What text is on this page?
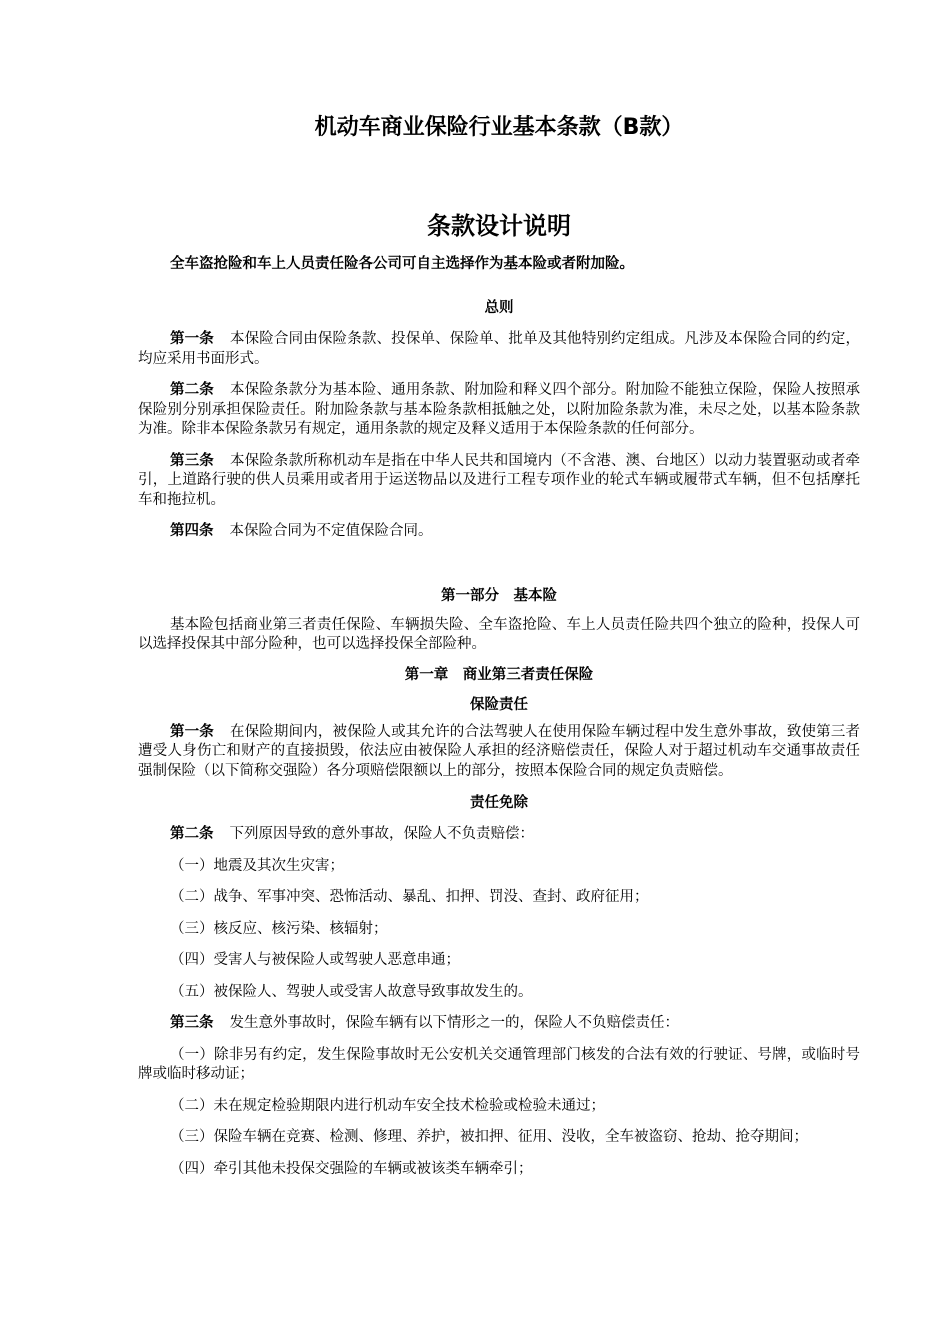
机动车商业保险行业基本条款（B款）
条款设计说明
全车盗抢险和车上人员责任险各公司可自主选择作为基本险或者附加险。
总则

第一条 本保险合同由保险条款、投保单、保险单、批单及其他特别约定组成。凡涉及本保险合同的约定，均应采用书面形式。

第二条 本保险条款分为基本险、通用条款、附加险和释义四个部分。附加险不能独立保险，保险人按照承保险别分别承担保险责任。附加险条款与基本险条款相抵触之处，以附加险条款为准，未尽之处，以基本险条款为准。除非本保险条款另有规定，通用条款的规定及释义适用于本保险条款的任何部分。

第三条 本保险条款所称机动车是指在中华人民共和国境内（不含港、澳、台地区）以动力装置驱动或者牵引，上道路行驶的供人员乘用或者用于运送物品以及进行工程专项作业的轮式车辆或履带式车辆，但不包括摩托车和拖拉机。

第四条 本保险合同为不定值保险合同。

第一部分　基本险

基本险包括商业第三者责任保险、车辆损失险、全车盗抢险、车上人员责任险共四个独立的险种，投保人可以选择投保其中部分险种，也可以选择投保全部险种。

第一章　商业第三者责任保险
保险责任

第一条 在保险期间内，被保险人或其允许的合法驾驶人在使用保险车辆过程中发生意外事故，致使第三者遭受人身伤亡和财产的直接损毁，依法应由被保险人承担的经济赔偿责任，保险人对于超过机动车交通事故责任强制保险（以下简称交强险）各分项赔偿限额以上的部分，按照本保险合同的规定负责赔偿。

责任免除

第二条 下列原因导致的意外事故，保险人不负责赔偿：

（一）地震及其次生灾害；

（二）战争、军事冲突、恐怖活动、暴乱、扣押、罚没、查封、政府征用；

（三）核反应、核污染、核辐射；

（四）受害人与被保险人或驾驶人恶意串通；

（五）被保险人、驾驶人或受害人故意导致事故发生的。

第三条 发生意外事故时，保险车辆有以下情形之一的，保险人不负赔偿责任：

（一）除非另有约定，发生保险事故时无公安机关交通管理部门核发的合法有效的行驶证、号牌，或临时号牌或临时移动证；

（二）未在规定检验期限内进行机动车安全技术检验或检验未通过；

（三）保险车辆在竞赛、检测、修理、养护，被扣押、征用、没收，全车被盗窃、抢劫、抢夺期间；

（四）牵引其他未投保交强险的车辆或被该类车辆牵引；
